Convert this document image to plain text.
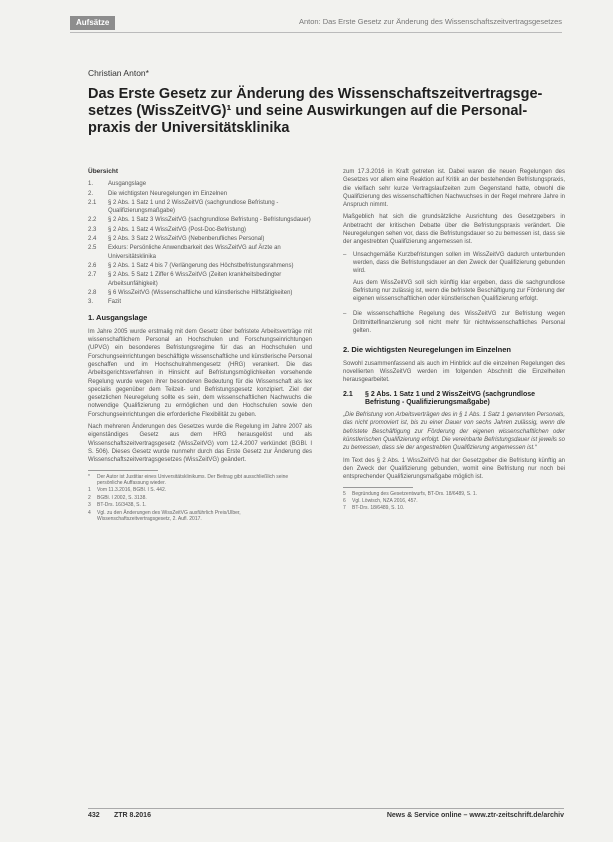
Aufsätze	Anton: Das Erste Gesetz zur Änderung des Wissenschaftszeitvertragsgesetzes
Christian Anton*
Das Erste Gesetz zur Änderung des Wissenschaftszeitvertragsge-setzes (WissZeitVG)¹ und seine Auswirkungen auf die Personal-praxis der Universitätsklinika
Übersicht
1.	Ausgangslage
2.	Die wichtigsten Neuregelungen im Einzelnen
2.1	§ 2 Abs. 1 Satz 1 und 2 WissZeitVG (sachgrundlose Befristung - Qualifizierungsmaßgabe)
2.2	§ 2 Abs. 1 Satz 3 WissZeitVG (sachgrundlose Befristung - Befristungsdauer)
2.3	§ 2 Abs. 1 Satz 4 WissZeitVG (Post-Doc-Befristung)
2.4	§ 2 Abs. 3 Satz 2 WissZeitVG (Nebenberufliches Personal)
2.5	Exkurs: Persönliche Anwendbarkeit des WissZeitVG auf Ärzte an Universitätsklinika
2.6	§ 2 Abs. 1 Satz 4 bis 7 (Verlängerung des Höchstbefristungsrahmens)
2.7	§ 2 Abs. 5 Satz 1 Ziffer 6 WissZeitVG (Zeiten krankheitsbedingter Arbeitsunfähigkeit)
2.8	§ 6 WissZeitVG (Wissenschaftliche und künstlerische Hilfstätigkeiten)
3.	Fazit
1. Ausgangslage

Im Jahre 2005 wurde erstmalig mit dem Gesetz über befristete Arbeitsverträge mit wissenschaftlichem Personal an Hochschulen und Forschungseinrichtungen (UPVG) ein besonderes Befristungsregime für das an Hochschulen und Forschungseinrichtungen beschäftigte wissenschaftliche und künstlerische Personal geschaffen und im Hochschulrahmengesetz (HRG) verankert. Die das Arbeitsgerichtsverfahren in Hinsicht auf Befristungsmöglichkeiten vorsehende Regelung wurde wegen ihrer besonderen Bedeutung für die Wissenschaft als lex specialis gegenüber dem Teilzeit- und Befristungsgesetz konzipiert. Ziel der gesetzlichen Neuregelung sollte es sein, dem wissenschaftlichen Nachwuchs die notwendige Qualifizierung zu ermöglichen und den Hochschulen sowie den Forschungseinrichtungen die erforderliche Flexibilität zu geben.

Nach mehreren Änderungen des Gesetzes wurde die Regelung im Jahre 2007 als eigenständiges Gesetz aus dem HRG herausgelöst und als Wissenschaftszeitvertragsgesetz (WissZeitVG) vom 12.4.2007 verkündet (BGBl. I S. 506). Dieses Gesetz wurde nunmehr durch das Erste Gesetz zur Änderung des Wissenschaftszeitvertragsgesetzes (WissZeitVG) geändert.

*	Der Autor ist Justitiar eines Universitätsklinikums. Der Beitrag gibt ausschließlich seine persönliche Auffassung wieder.
1	Vom 11.3.2016, BGBl. I S. 442.
2	BGBl. I 2002, S. 3138.
3	BT-Drs. 16/3438, S. 1.
4	Vgl. zu den Änderungen des WissZeitVG ausführlich Preis/Ulber, Wissenschaftszeitvertragsgesetz, 2. Aufl. 2017.

zum 17.3.2016 in Kraft getreten ist. Dabei waren die neuen Regelungen des Gesetzes vor allem eine Reaktion auf Kritik an der bestehenden Befristungspraxis, die vielfach sehr kurze Vertragslaufzeiten zum Gegenstand hatte, obwohl die Qualifizierung des wissenschaftlichen Nachwuchses in der Regel mehrere Jahre in Anspruch nimmt.

Maßgeblich hat sich die grundsätzliche Ausrichtung des Gesetzgebers in Anbetracht der kritischen Debatte über die Befristungspraxis verändert. Die Neuregelungen sehen vor, dass die Befristungsdauer so zu bemessen ist, dass sie der angestrebten Qualifizierung angemessen ist.

–	Unsachgemäße Kurzbefristungen sollen im WissZeitVG dadurch unterbunden werden, dass die Befristungsdauer an den Zweck der Qualifizierung gebunden wird.

Aus dem WissZeitVG soll sich künftig klar ergeben, dass die sachgrundlose Befristung nur zulässig ist, wenn die befristete Beschäftigung zur Förderung der eigenen wissenschaftlichen oder künstlerischen Qualifizierung erfolgt.

–	Die wissenschaftliche Regelung des WissZeitVG zur Befristung wegen Drittmittelfinanzierung soll nicht mehr für nichtwissenschaftliches Personal gelten.

2. Die wichtigsten Neuregelungen im Einzelnen

Sowohl zusammenfassend als auch im Hinblick auf die einzelnen Regelungen des novellierten WissZeitVG werden im folgenden Abschnitt die Einzelheiten herausgearbeitet.

2.1	§ 2 Abs. 1 Satz 1 und 2 WissZeitVG (sachgrundlose Befristung - Qualifizierungsmaßgabe)

„Die Befristung von Arbeitsverträgen des in § 1 Abs. 1 Satz 1 genannten Personals, das nicht promoviert ist, bis zu einer Dauer von sechs Jahren zulässig, wenn die befristete Beschäftigung zur Förderung der eigenen wissenschaftlichen oder künstlerischen Qualifizierung erfolgt. Die vereinbarte Befristungsdauer ist jeweils so zu bemessen, dass sie der angestrebten Qualifizierung angemessen ist.“

Im Text des § 2 Abs. 1 WissZeitVG hat der Gesetzgeber die Befristung künftig an den Zweck der Qualifizierung gebunden, womit eine Befristung nur noch bei entsprechender Qualifizierungsmaßgabe möglich ist.

5	Begründung des Gesetzentwurfs, BT-Drs. 18/6489, S. 1.
6	Vgl. Löwisch, NZA 2016, 457.
7	BT-Drs. 18/6489, S. 10.
432 ZTR 8.2016	News & Service online – www.ztr-zeitschrift.de/archiv
